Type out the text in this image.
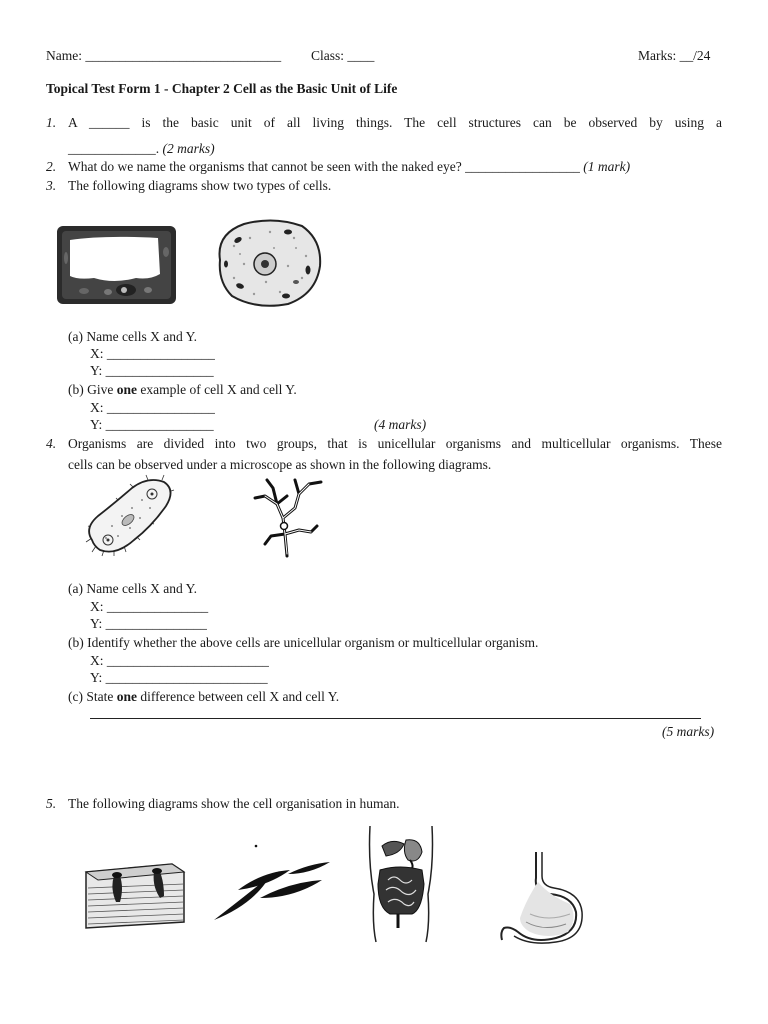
Name: _____________________________ Class: ____	Marks: __/24
Topical Test Form 1 - Chapter 2 Cell as the Basic Unit of Life
1. A ______ is the basic unit of all living things. The cell structures can be observed by using a
_____________. (2 marks)
2. What do we name the organisms that cannot be seen with the naked eye? _________________ (1 mark)
3. The following diagrams show two types of cells.
(a) Name cells X and Y.
X: ________________
Y: ________________
(b) Give one example of cell X and cell Y.
X: ________________
Y: ________________	(4 marks)
4. Organisms are divided into two groups, that is unicellular organisms and multicellular organisms. These
cells can be observed under a microscope as shown in the following diagrams.
(a) Name cells X and Y.
X: _______________
Y: _______________
(b) Identify whether the above cells are unicellular organism or multicellular organism.
X: ________________________
Y: ________________________
(c) State one difference between cell X and cell Y.
(5 marks)
5. The following diagrams show the cell organisation in human.
